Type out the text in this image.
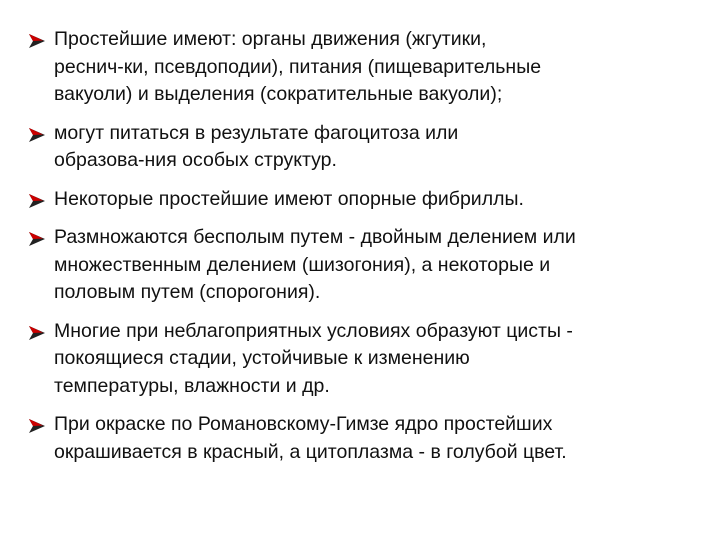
Простейшие имеют: органы движения (жгутики,
реснич-ки, псевдоподии), питания (пищеварительные
вакуоли) и выделения (сократительные вакуоли);
могут питаться в результате фагоцитоза или
образова-ния особых структур.
Некоторые простейшие имеют опорные фибриллы.
Размножаются бесполым путем - двойным делением или
множественным делением (шизогония), а некоторые и
половым путем (спорогония).
Многие при неблагоприятных условиях образуют цисты -
покоящиеся стадии, устойчивые к изменению
температуры, влажности и др.
При окраске по Романовскому-Гимзе ядро простейших
окрашивается в красный, а цитоплазма - в голубой цвет.
